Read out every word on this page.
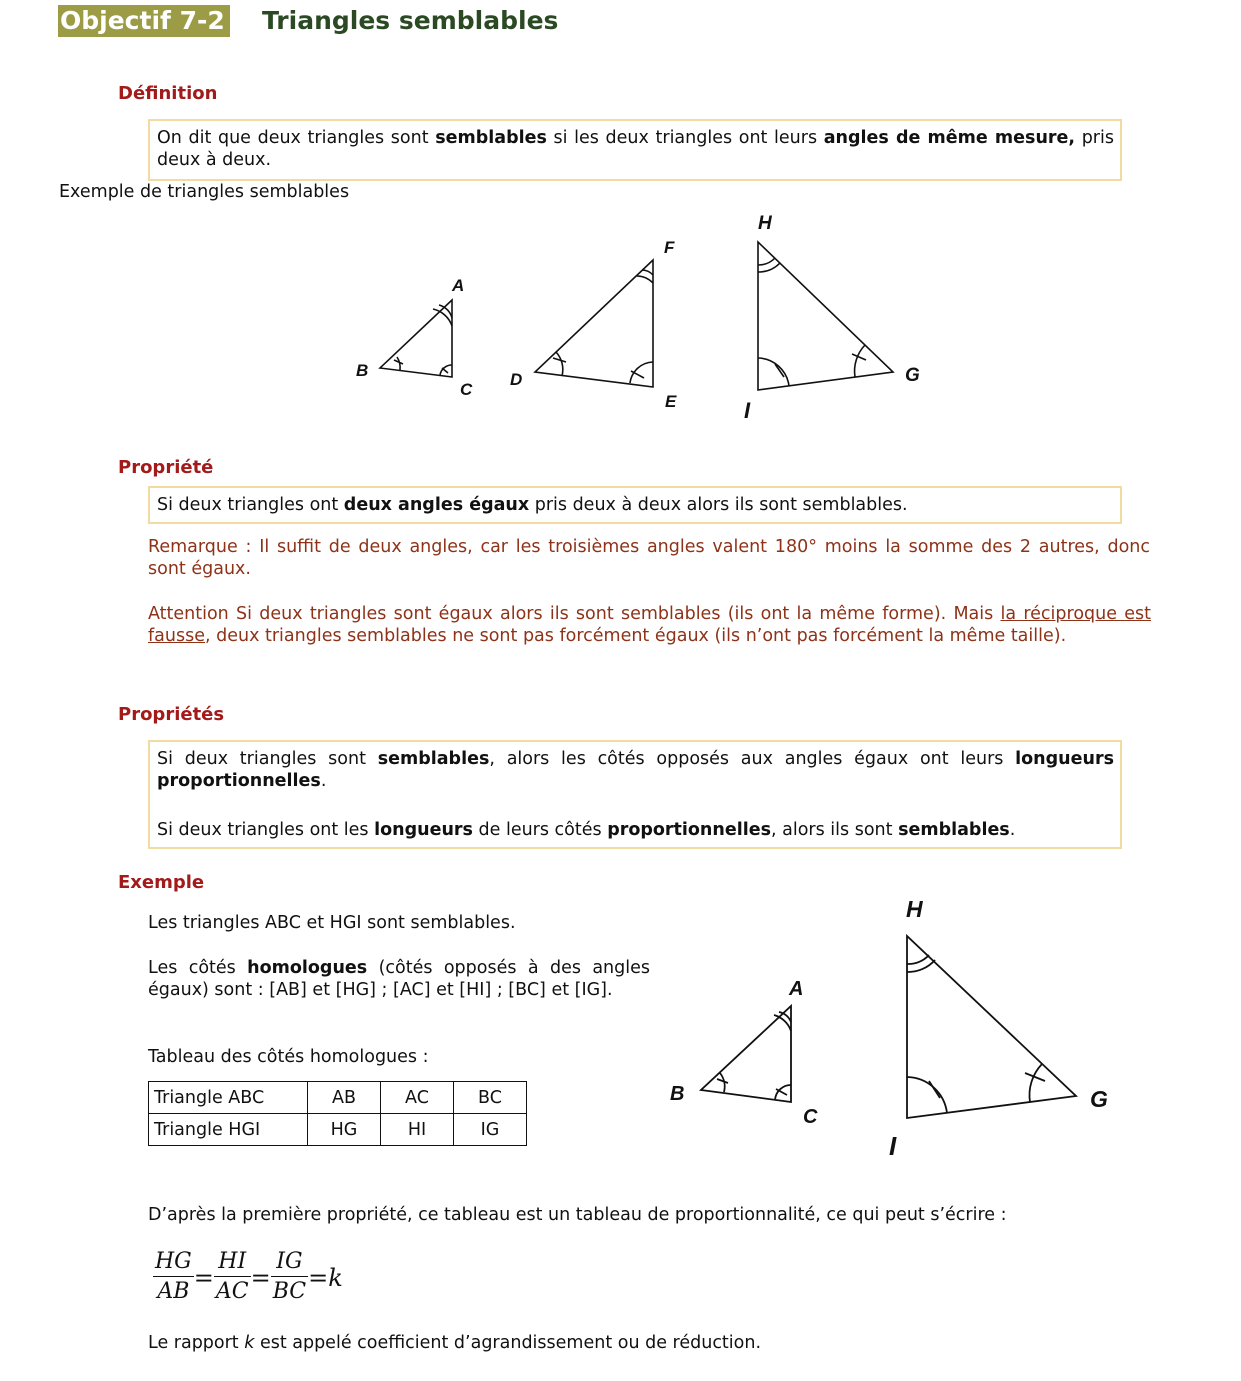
Objectif 7-2 Triangles semblables
Définition

On dit que deux triangles sont semblables si les deux triangles ont leurs angles de même mesure, pris deux à deux.

Exemple de triangles semblables
A
B
C
D
E
F
H
G
I
Propriété

Si deux triangles ont deux angles égaux pris deux à deux alors ils sont semblables.

Remarque : Il suffit de deux angles, car les troisièmes angles valent 180° moins la somme des 2 autres, donc sont égaux.

Attention Si deux triangles sont égaux alors ils sont semblables (ils ont la même forme). Mais la réciproque est fausse, deux triangles semblables ne sont pas forcément égaux (ils n’ont pas forcément la même taille).

Propriétés

Si deux triangles sont semblables, alors les côtés opposés aux angles égaux ont leurs longueurs proportionnelles.

Si deux triangles ont les longueurs de leurs côtés proportionnelles, alors ils sont semblables.

Exemple
Les triangles ABC et HGI sont semblables.
Les côtés homologues (côtés opposés à des angles égaux) sont : [AB] et [HG] ; [AC] et [HI] ; [BC] et [IG].
Tableau des côtés homologues :
Triangle ABC	AB	AC	BC
Triangle HGI	HG	HI	IG
A
B
C
H
G
I
D’après la première propriété, ce tableau est un tableau de proportionnalité, ce qui peut s’écrire :
$\frac{HG}{AB} = \frac{HI}{AC} = \frac{IG}{BC} =k$
Le rapport k est appelé coefficient d’agrandissement ou de réduction.
